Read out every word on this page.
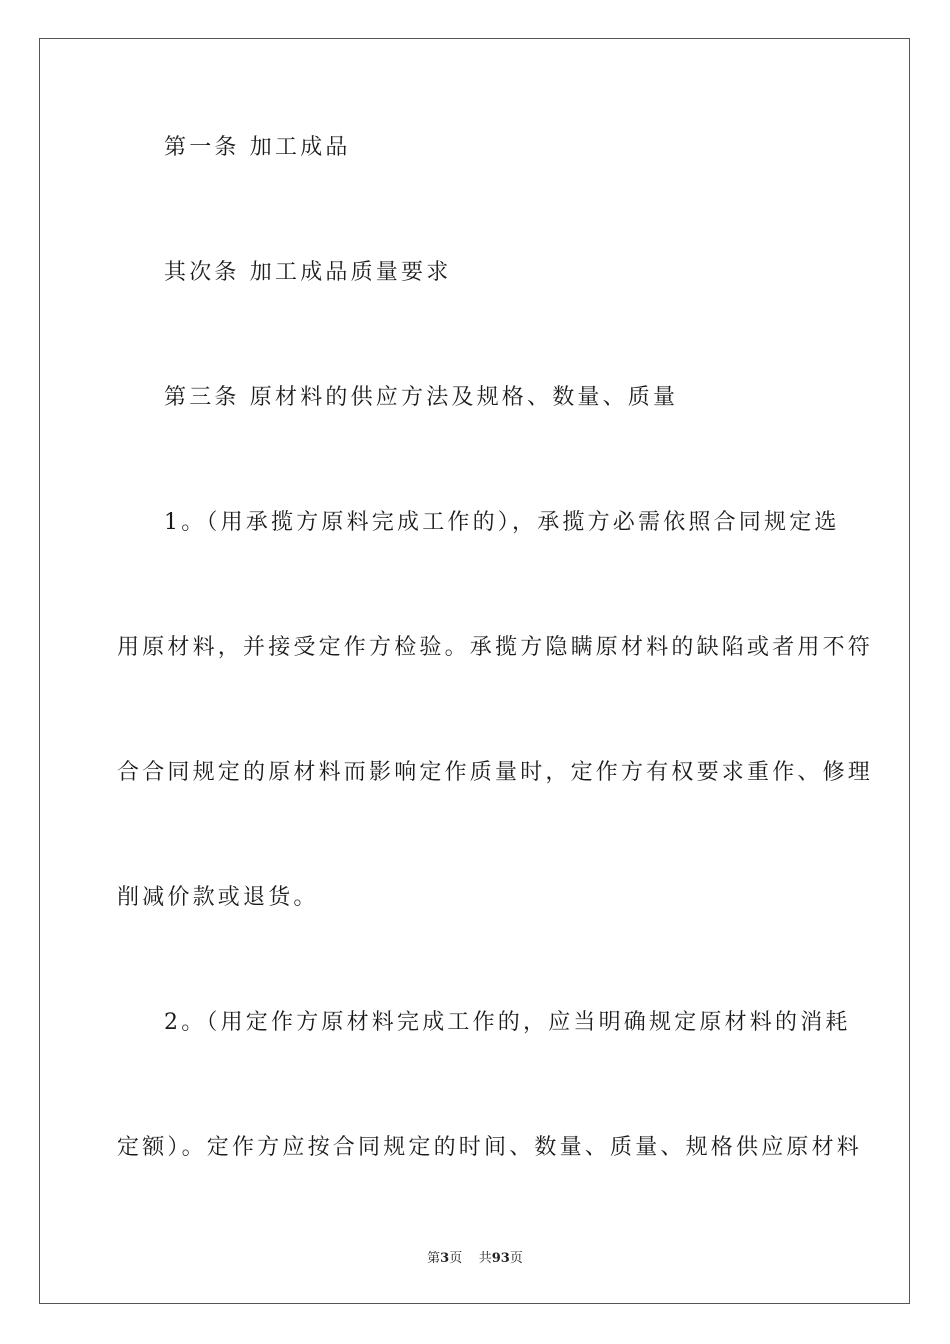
第一条 加工成品
其次条 加工成品质量要求
第三条 原材料的供应方法及规格、数量、质量
1。（用承揽方原料完成工作的），承揽方必需依照合同规定选
用原材料，并接受定作方检验。承揽方隐瞒原材料的缺陷或者用不符
合合同规定的原材料而影响定作质量时，定作方有权要求重作、修理
削减价款或退货。
2。（用定作方原材料完成工作的，应当明确规定原材料的消耗
定额）。定作方应按合同规定的时间、数量、质量、规格供应原材料
第3页 共93页
